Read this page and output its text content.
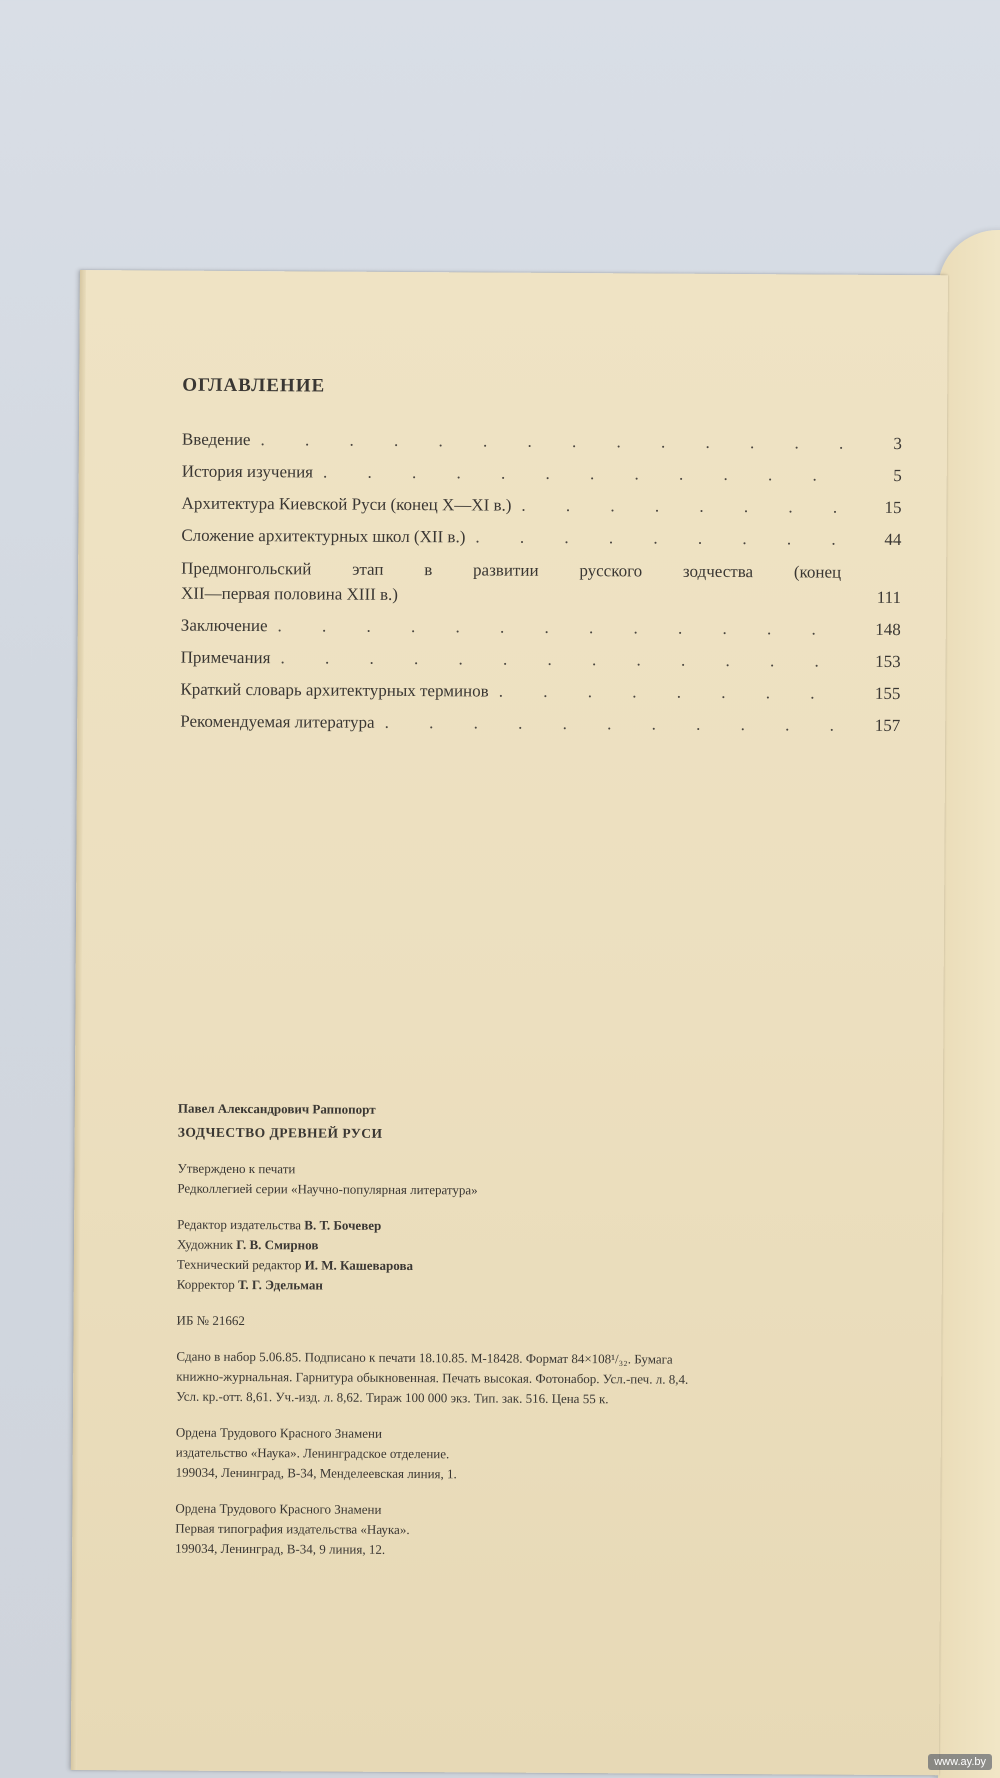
ОГЛАВЛЕНИЕ
Введение . . .	3
История изучения . . .	5
Архитектура Киевской Руси (конец X—XI в.) . . .	15
Сложение архитектурных школ (XII в.) . . .	44
Предмонгольский этап в развитии русского зодчества (конец
XII—первая половина XIII в.)	111
Заключение . . .	148
Примечания . . .	153
Краткий словарь архитектурных терминов . . .	155
Рекомендуемая литература . . .	157

Павел Александрович Раппопорт

ЗОДЧЕСТВО ДРЕВНЕЙ РУСИ

Утверждено к печати

Редколлегией серии «Научно-популярная литература»

Редактор издательства В. Т. Бочевер

Художник Г. В. Смирнов

Технический редактор И. М. Кашеварова

Корректор Т. Г. Эдельман

ИБ № 21662

Сдано в набор 5.06.85. Подписано к печати 18.10.85. М-18428. Формат 84×108¹/₃₂. Бумага

книжно-журнальная. Гарнитура обыкновенная. Печать высокая. Фотонабор. Усл.-печ. л. 8,4.

Усл. кр.-отт. 8,61. Уч.-изд. л. 8,62. Тираж 100 000 экз. Тип. зак. 516. Цена 55 к.

Ордена Трудового Красного Знамени

издательство «Наука». Ленинградское отделение.

199034, Ленинград, В-34, Менделеевская линия, 1.

Ордена Трудового Красного Знамени

Первая типография издательства «Наука».

199034, Ленинград, В-34, 9 линия, 12.

www.ay.by
